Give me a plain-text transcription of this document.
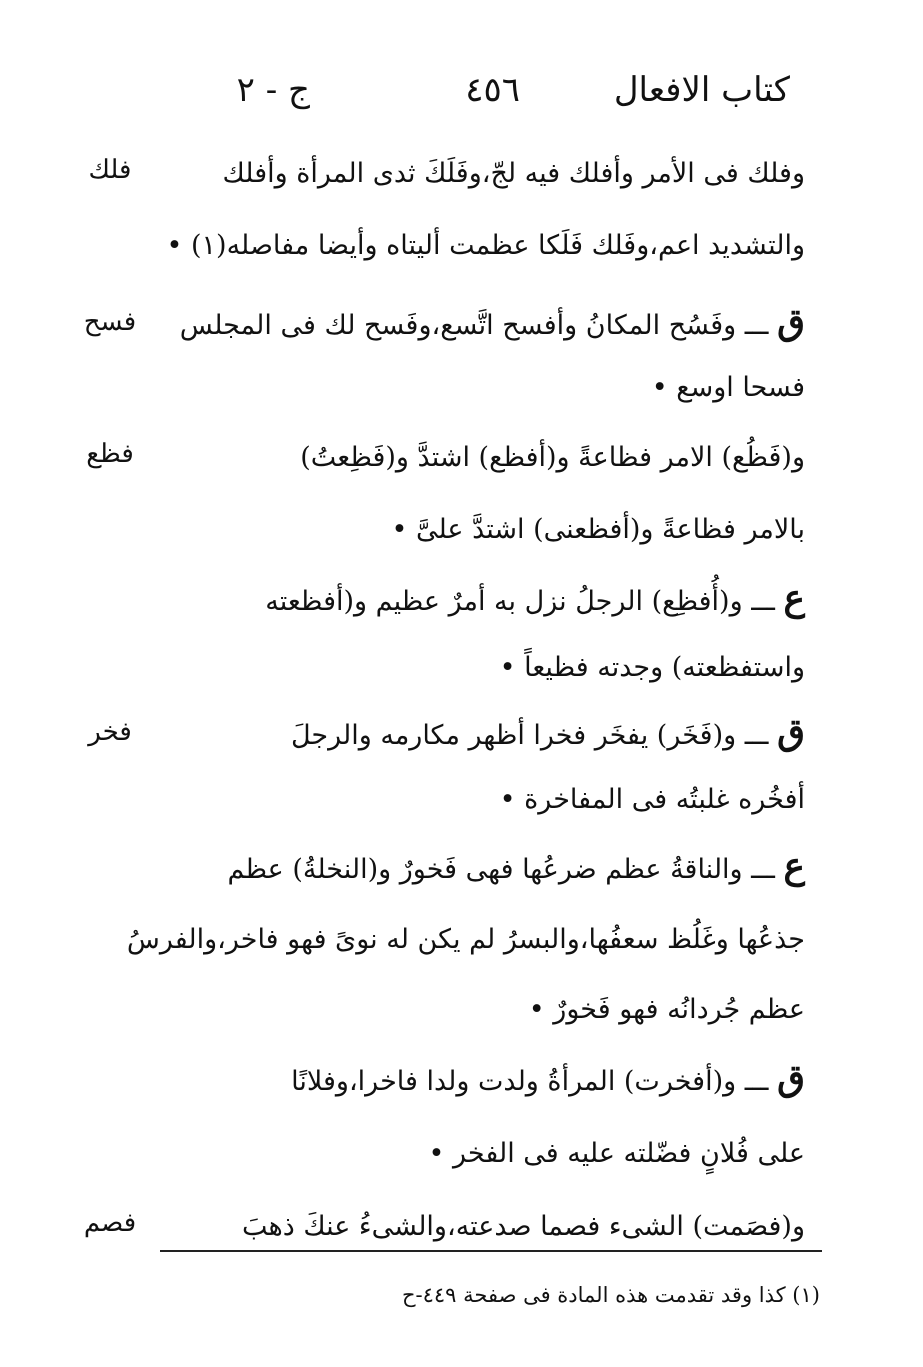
كتاب الافعال
٤٥٦
ج - ٢
فلك
فسح
فظع
فخر
فصم
وفلك فى الأمر وأفلك فيه لجّ،وفَلَكَ ثدى المرأة وأفلك
والتشديد اعم،وفَلك فَلَكا عظمت أليتاه وأيضا مفاصله(١) •
ق ـــ وفَسُح المكانُ وأفسح اتَّسع،وفَسح لك فى المجلس
فسحا اوسع •
و(فَظُع) الامر فظاعةً و(أفظع) اشتدَّ و(فَظِعتُ)
بالامر فظاعةً و(أفظعنى) اشتدَّ علىَّ •
ع ـــ و(أُفظِع) الرجلُ نزل به أمرٌ عظيم و(أفظعته
واستفظعته) وجدته فظيعاً •
ق ـــ و(فَخَر) يفخَر فخرا أظهر مكارمه والرجلَ
أفخُره غلبتُه فى المفاخرة •
ع ـــ والناقةُ عظم ضرعُها فهى فَخورٌ و(النخلةُ) عظم
جذعُها وغَلُظ سعفُها،والبسرُ لم يكن له نوىً فهو فاخر،والفرسُ
عظم جُردانُه فهو فَخورٌ •
ق ـــ و(أفخرت) المرأةُ ولدت ولدا فاخرا،وفلانًا
على فُلانٍ فضّلته عليه فى الفخر •
و(فصَمت) الشىء فصما صدعته،والشىءُ عنكَ ذهبَ
(١) كذا وقد تقدمت هذه المادة فى صفحة ٤٤٩-ح
